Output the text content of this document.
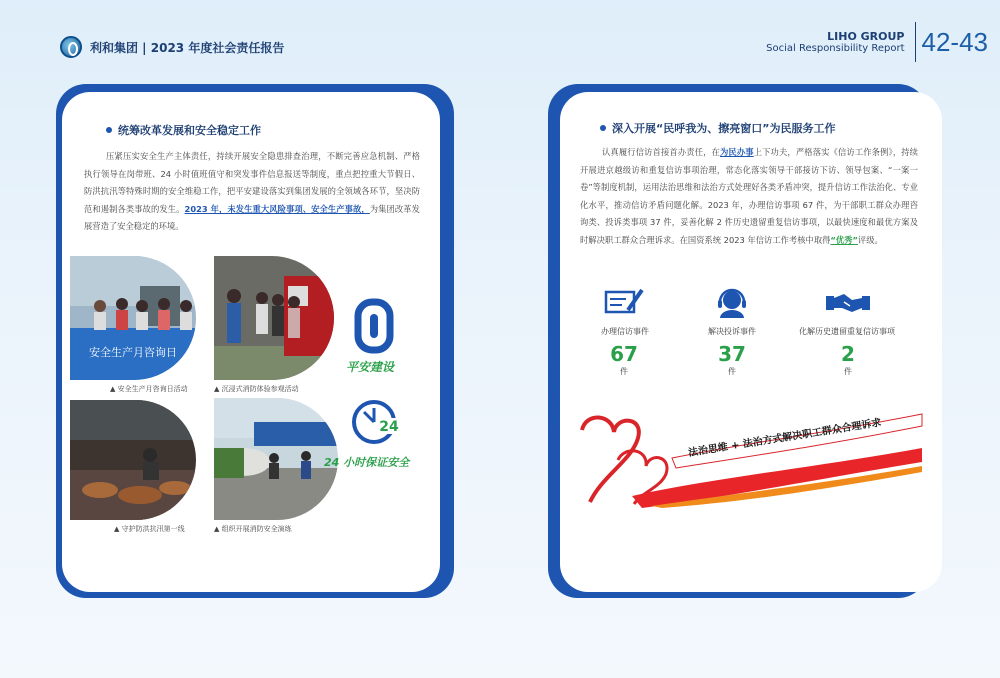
利和集团 | 2023 年度社会责任报告
LIHO GROUP
Social Responsibility Report 42-43
统筹改革发展和安全稳定工作
压紧压实安全生产主体责任，持续开展安全隐患排查治理，不断完善应急机制、严格执行领导在岗带班、24 小时值班值守和突发事件信息报送等制度，重点把控重大节假日、防洪抗汛等特殊时期的安全维稳工作，把平安建设落实到集团发展的全领域各环节，坚决防范和遏制各类事故的发生。2023 年，未发生重大风险事项、安全生产事故，为集团改革发展营造了安全稳定的环境。
安全生产月咨询日
▲ 安全生产月咨询日活动	▲ 沉浸式消防体验参观活动
▲ 守护防洪抗汛第一线	▲ 组织开展消防安全演练
平安建设
24
24 小时保证安全
深入开展“民呼我为、擦亮窗口”为民服务工作
认真履行信访首接首办责任，在为民办事上下功夫，严格落实《信访工作条例》，持续开展进京越级访和重复信访事项治理，常态化落实领导干部接访下访、领导包案、“一案一卷”等制度机制，运用法治思维和法治方式处理好各类矛盾冲突，提升信访工作法治化、专业化水平，推动信访矛盾问题化解。2023 年，办理信访事项 67 件，为干部职工群众办理咨询类、投诉类事项 37 件，妥善化解 2 件历史遗留重复信访事项，以最快速度和最优方案及时解决职工群众合理诉求。在国资系统 2023 年信访工作考核中取得“优秀”评级。
办理信访事件
67
件
解决投诉事件
37
件
化解历史遗留重复信访事项
2
件
法治思维 + 法治方式解决职工群众合理诉求
